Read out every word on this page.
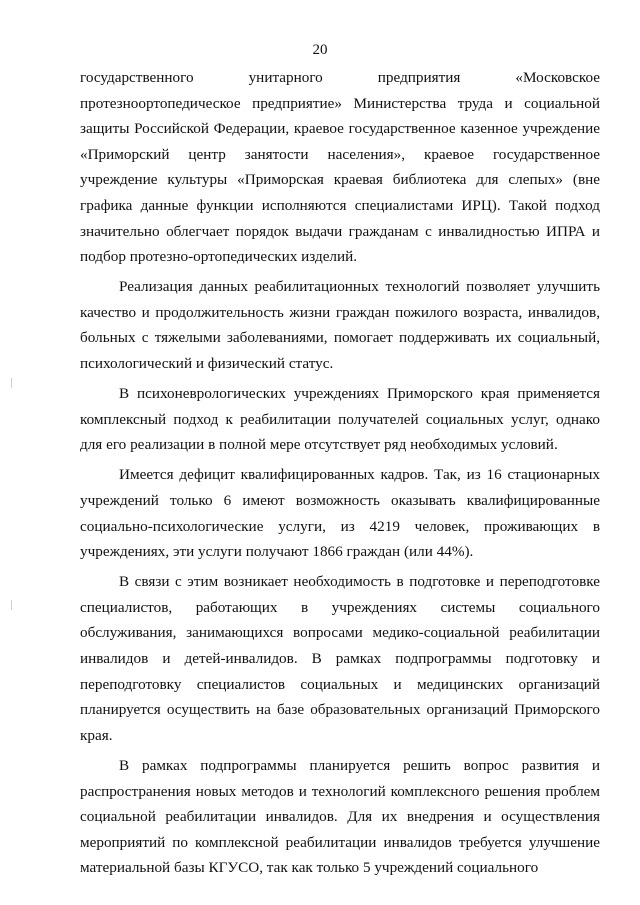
20

государственного унитарного предприятия «Московское протезноортопедическое предприятие» Министерства труда и социальной защиты Российской Федерации, краевое государственное казенное учреждение «Приморский центр занятости населения», краевое государственное учреждение культуры «Приморская краевая библиотека для слепых» (вне графика данные функции исполняются специалистами ИРЦ). Такой подход значительно облегчает порядок выдачи гражданам с инвалидностью ИПРА и подбор протезно-ортопедических изделий.

Реализация данных реабилитационных технологий позволяет улучшить качество и продолжительность жизни граждан пожилого возраста, инвалидов, больных с тяжелыми заболеваниями, помогает поддерживать их социальный, психологический и физический статус.

В психоневрологических учреждениях Приморского края применяется комплексный подход к реабилитации получателей социальных услуг, однако для его реализации в полной мере отсутствует ряд необходимых условий.

Имеется дефицит квалифицированных кадров. Так, из 16 стационарных учреждений только 6 имеют возможность оказывать квалифицированные социально-психологические услуги, из 4219 человек, проживающих в учреждениях, эти услуги получают 1866 граждан (или 44%).

В связи с этим возникает необходимость в подготовке и переподготовке специалистов, работающих в учреждениях системы социального обслуживания, занимающихся вопросами медико-социальной реабилитации инвалидов и детей-инвалидов. В рамках подпрограммы подготовку и переподготовку специалистов социальных и медицинских организаций планируется осуществить на базе образовательных организаций Приморского края.

В рамках подпрограммы планируется решить вопрос развития и распространения новых методов и технологий комплексного решения проблем социальной реабилитации инвалидов. Для их внедрения и осуществления мероприятий по комплексной реабилитации инвалидов требуется улучшение материальной базы КГУСО, так как только 5 учреждений социального
